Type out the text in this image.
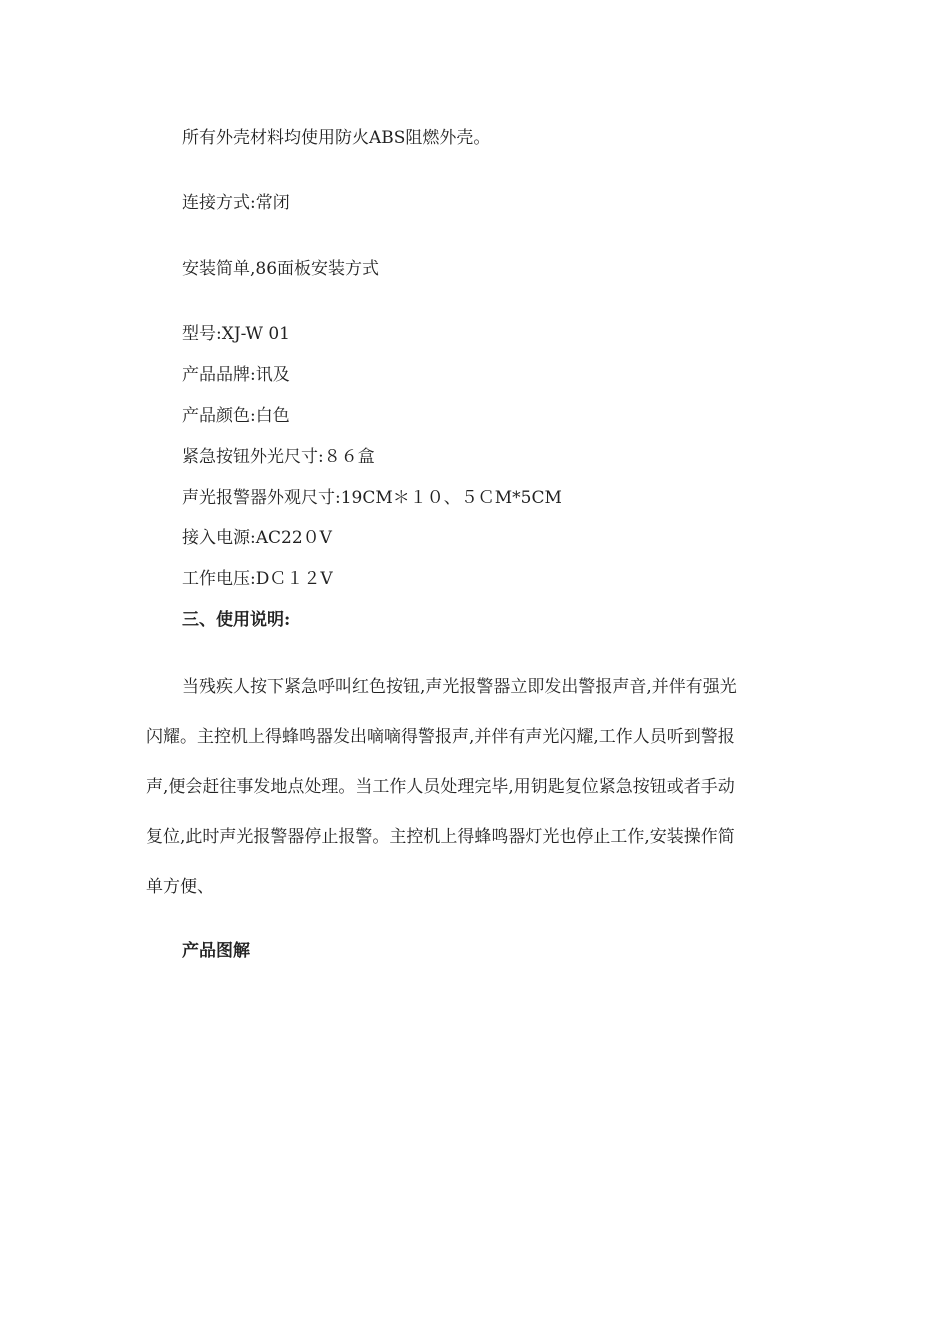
所有外壳材料均使用防火ABS阻燃外壳。
连接方式:常闭
安装简单,86面板安装方式
型号:XJ-W 01
产品品牌:讯及
产品颜色:白色
紧急按钮外光尺寸:８６盒
声光报警器外观尺寸:19CM＊１０、５ＣM*5CM
接入电源:AC22０V
工作电压:DＣ１２V
三、使用说明:
当残疾人按下紧急呼叫红色按钮,声光报警器立即发出警报声音,并伴有强光
闪耀。主控机上得蜂鸣器发出嘀嘀得警报声,并伴有声光闪耀,工作人员听到警报
声,便会赶往事发地点处理。当工作人员处理完毕,用钥匙复位紧急按钮或者手动
复位,此时声光报警器停止报警。主控机上得蜂鸣器灯光也停止工作,安装操作简
单方便、
产品图解
